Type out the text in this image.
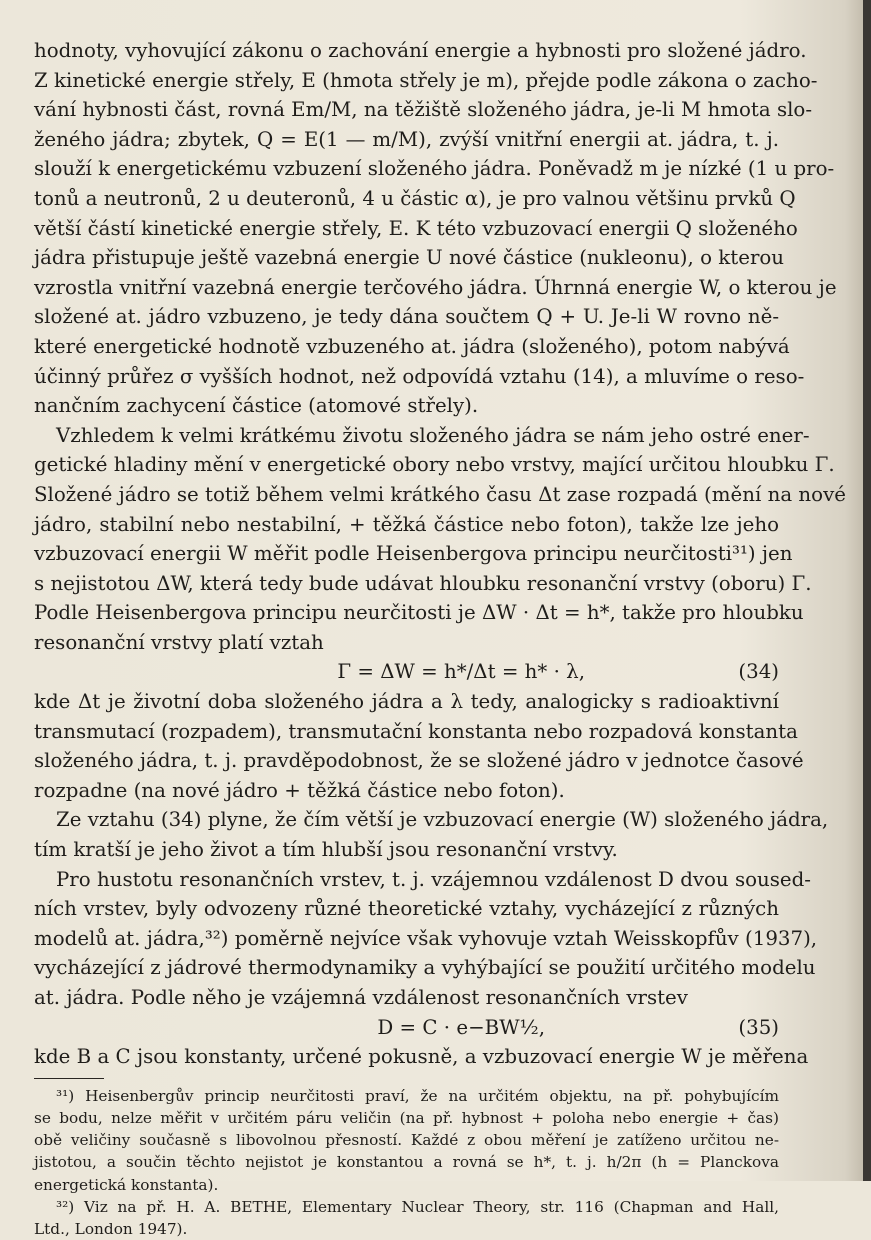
hodnoty, vyhovující zákonu o zachování energie a hybnosti pro složené jádro.
Z kinetické energie střely, E (hmota střely je m), přejde podle zákona o zacho-
vání hybnosti část, rovná Em/M, na těžiště složeného jádra, je-li M hmota slo-
ženého jádra; zbytek, Q = E(1 — m/M), zvýší vnitřní energii at. jádra, t. j.
slouží k energetickému vzbuzení složeného jádra. Poněvadž m je nízké (1 u pro-
tonů a neutronů, 2 u deuteronů, 4 u částic α), je pro valnou většinu prvků Q
větší částí kinetické energie střely, E. K této vzbuzovací energii Q složeného
jádra přistupuje ještě vazebná energie U nové částice (nukleonu), o kterou
vzrostla vnitřní vazebná energie terčového jádra. Úhrnná energie W, o kterou je
složené at. jádro vzbuzeno, je tedy dána součtem Q + U. Je-li W rovno ně-
které energetické hodnotě vzbuzeného at. jádra (složeného), potom nabývá
účinný průřez σ vyšších hodnot, než odpovídá vztahu (14), a mluvíme o reso-
nančním zachycení částice (atomové střely).
Vzhledem k velmi krátkému životu složeného jádra se nám jeho ostré ener-
getické hladiny mění v energetické obory nebo vrstvy, mající určitou hloubku Γ.
Složené jádro se totiž během velmi krátkého času Δt zase rozpadá (mění na nové
jádro, stabilní nebo nestabilní, + těžká částice nebo foton), takže lze jeho
vzbuzovací energii W měřit podle Heisenbergova principu neurčitosti³¹) jen
s nejistotou ΔW, která tedy bude udávat hloubku resonanční vrstvy (oboru) Γ.
Podle Heisenbergova principu neurčitosti je ΔW · Δt = h*, takže pro hloubku
resonanční vrstvy platí vztah
Γ = ΔW = h*/Δt = h* · λ,	(34)
kde Δt je životní doba složeného jádra a λ tedy, analogicky s radioaktivní
transmutací (rozpadem), transmutační konstanta nebo rozpadová konstanta
složeného jádra, t. j. pravděpodobnost, že se složené jádro v jednotce časové
rozpadne (na nové jádro + těžká částice nebo foton).
Ze vztahu (34) plyne, že čím větší je vzbuzovací energie (W) složeného jádra,
tím kratší je jeho život a tím hlubší jsou resonanční vrstvy.
Pro hustotu resonančních vrstev, t. j. vzájemnou vzdálenost D dvou soused-
ních vrstev, byly odvozeny různé theoretické vztahy, vycházející z různých
modelů at. jádra,³²) poměrně nejvíce však vyhovuje vztah Weisskopfův (1937),
vycházející z jádrové thermodynamiky a vyhýbající se použití určitého modelu
at. jádra. Podle něho je vzájemná vzdálenost resonančních vrstev
D = C · e−BW½,	(35)
kde B a C jsou konstanty, určené pokusně, a vzbuzovací energie W je měřena
³¹) Heisenbergův princip neurčitosti praví, že na určitém objektu, na př. pohybujícím
se bodu, nelze měřit v určitém páru veličin (na př. hybnost + poloha nebo energie + čas)
obě veličiny současně s libovolnou přesností. Každé z obou měření je zatíženo určitou ne-
jistotou, a součin těchto nejistot je konstantou a rovná se h*, t. j. h/2π (h = Planckova
energetická konstanta).
³²) Viz na př. H. A. BETHE, Elementary Nuclear Theory, str. 116 (Chapman and Hall,
Ltd., London 1947).
